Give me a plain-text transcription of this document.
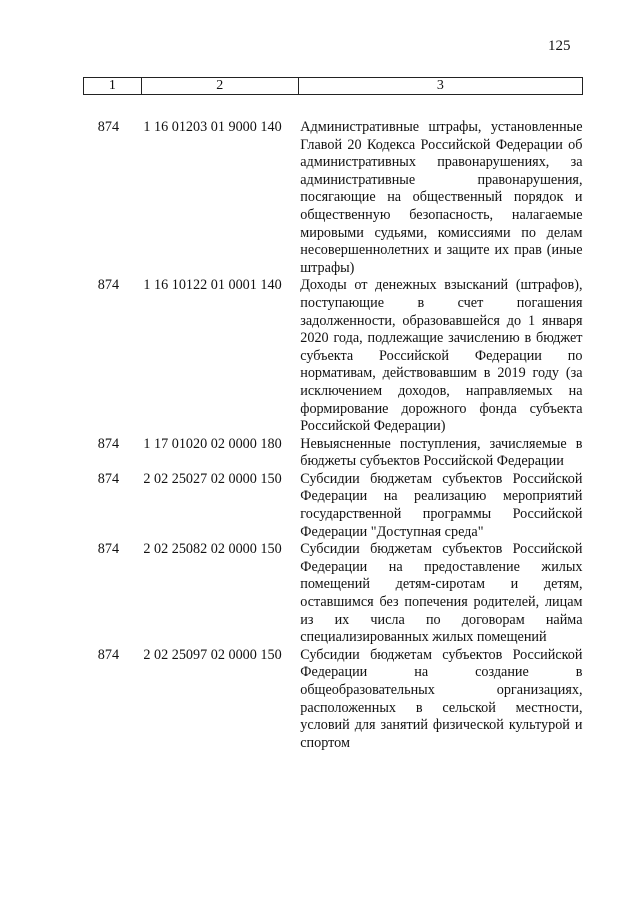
125
1	2	3

874	1 16 01203 01 9000 140	Административные штрафы, установленные Главой 20 Кодекса Российской Федерации об административных правонарушениях, за административные правонарушения, посягающие на общественный порядок и общественную безопасность, налагаемые мировыми судьями, комиссиями по делам несовершеннолетних и защите их прав (иные штрафы)
874	1 16 10122 01 0001 140	Доходы от денежных взысканий (штрафов), поступающие в счет погашения задолженности, образовавшейся до 1 января 2020 года, подлежащие зачислению в бюджет субъекта Российской Федерации по нормативам, действовавшим в 2019 году (за исключением доходов, направляемых на формирование дорожного фонда субъекта Российской Федерации)
874	1 17 01020 02 0000 180	Невыясненные поступления, зачисляемые в бюджеты субъектов Российской Федерации
874	2 02 25027 02 0000 150	Субсидии бюджетам субъектов Российской Федерации на реализацию мероприятий государственной программы Российской Федерации "Доступная среда"
874	2 02 25082 02 0000 150	Субсидии бюджетам субъектов Российской Федерации на предоставление жилых помещений детям-сиротам и детям, оставшимся без попечения родителей, лицам из их числа по договорам найма специализированных жилых помещений
874	2 02 25097 02 0000 150	Субсидии бюджетам субъектов Российской Федерации на создание в общеобразовательных организациях, расположенных в сельской местности, условий для занятий физической культурой и спортом
